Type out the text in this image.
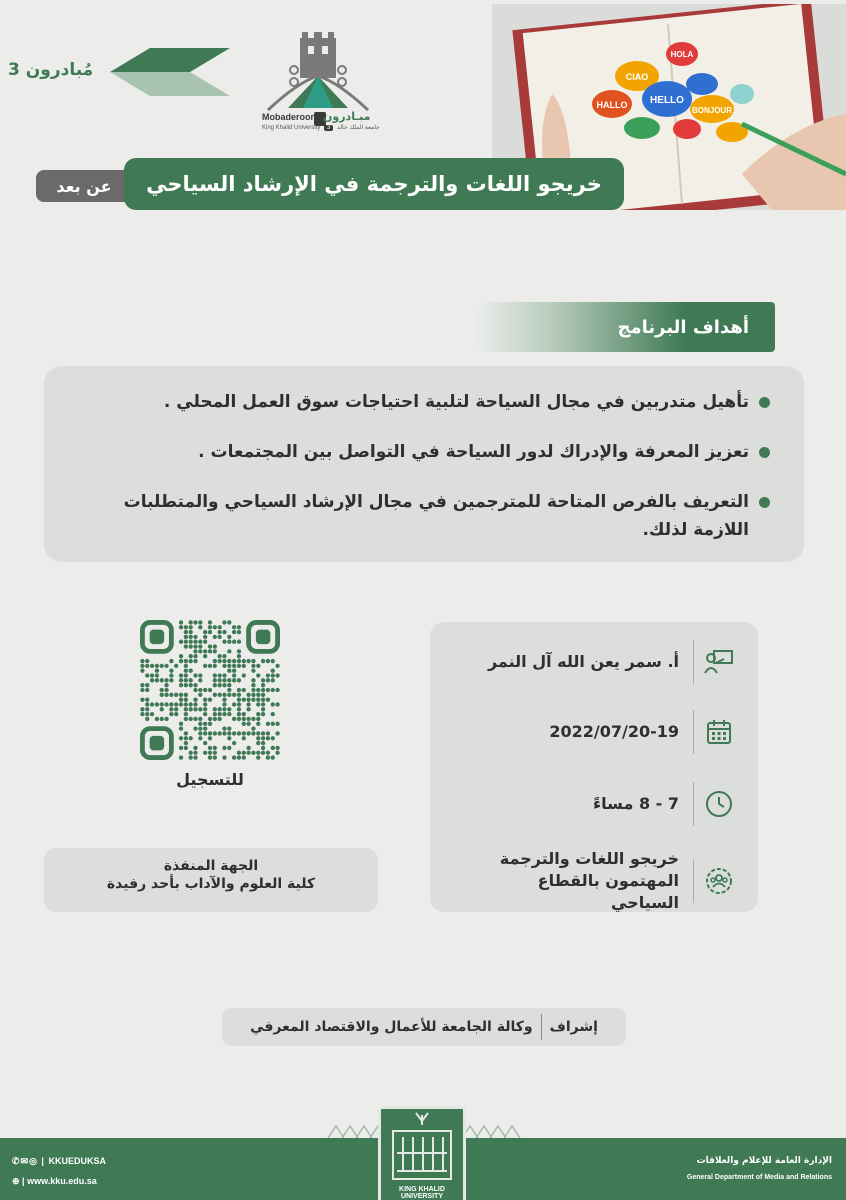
مُبادرون 3
Mobaderoon مبـادرون
King Khalid University 3 جامعة الملك خالد
CIAO
HOLA
HELLO
HALLO
BONJOUR
عن بعد	خريجو اللغات والترجمة في الإرشاد السياحي
أهداف البرنامج
تأهيل متدربين في مجال السياحة لتلبية احتياجات سوق العمل المحلي .
تعزيز المعرفة والإدراك لدور السياحة في التواصل بين المجتمعات .
التعريف بالفرص المتاحة للمترجمين في مجال الإرشاد السياحي والمتطلبات اللازمة لذلك.
أ. سمر يعن الله آل النمر
2022/07/20-19
7 - 8 مساءً
خريجو اللغات والترجمة المهتمون بالقطاع السياحي
للتسجيل
الجهة المنفذة
كلية العلوم والآداب بأحد رفيدة
إشراف
وكالة الجامعة للأعمال والاقتصاد المعرفي
✆✉◎ | KKUEDUKSA
⊕ | www.kku.edu.sa
الإدارة العامة للإعلام والعلاقات
General Department of Media and Relations
KING KHALID UNIVERSITY
